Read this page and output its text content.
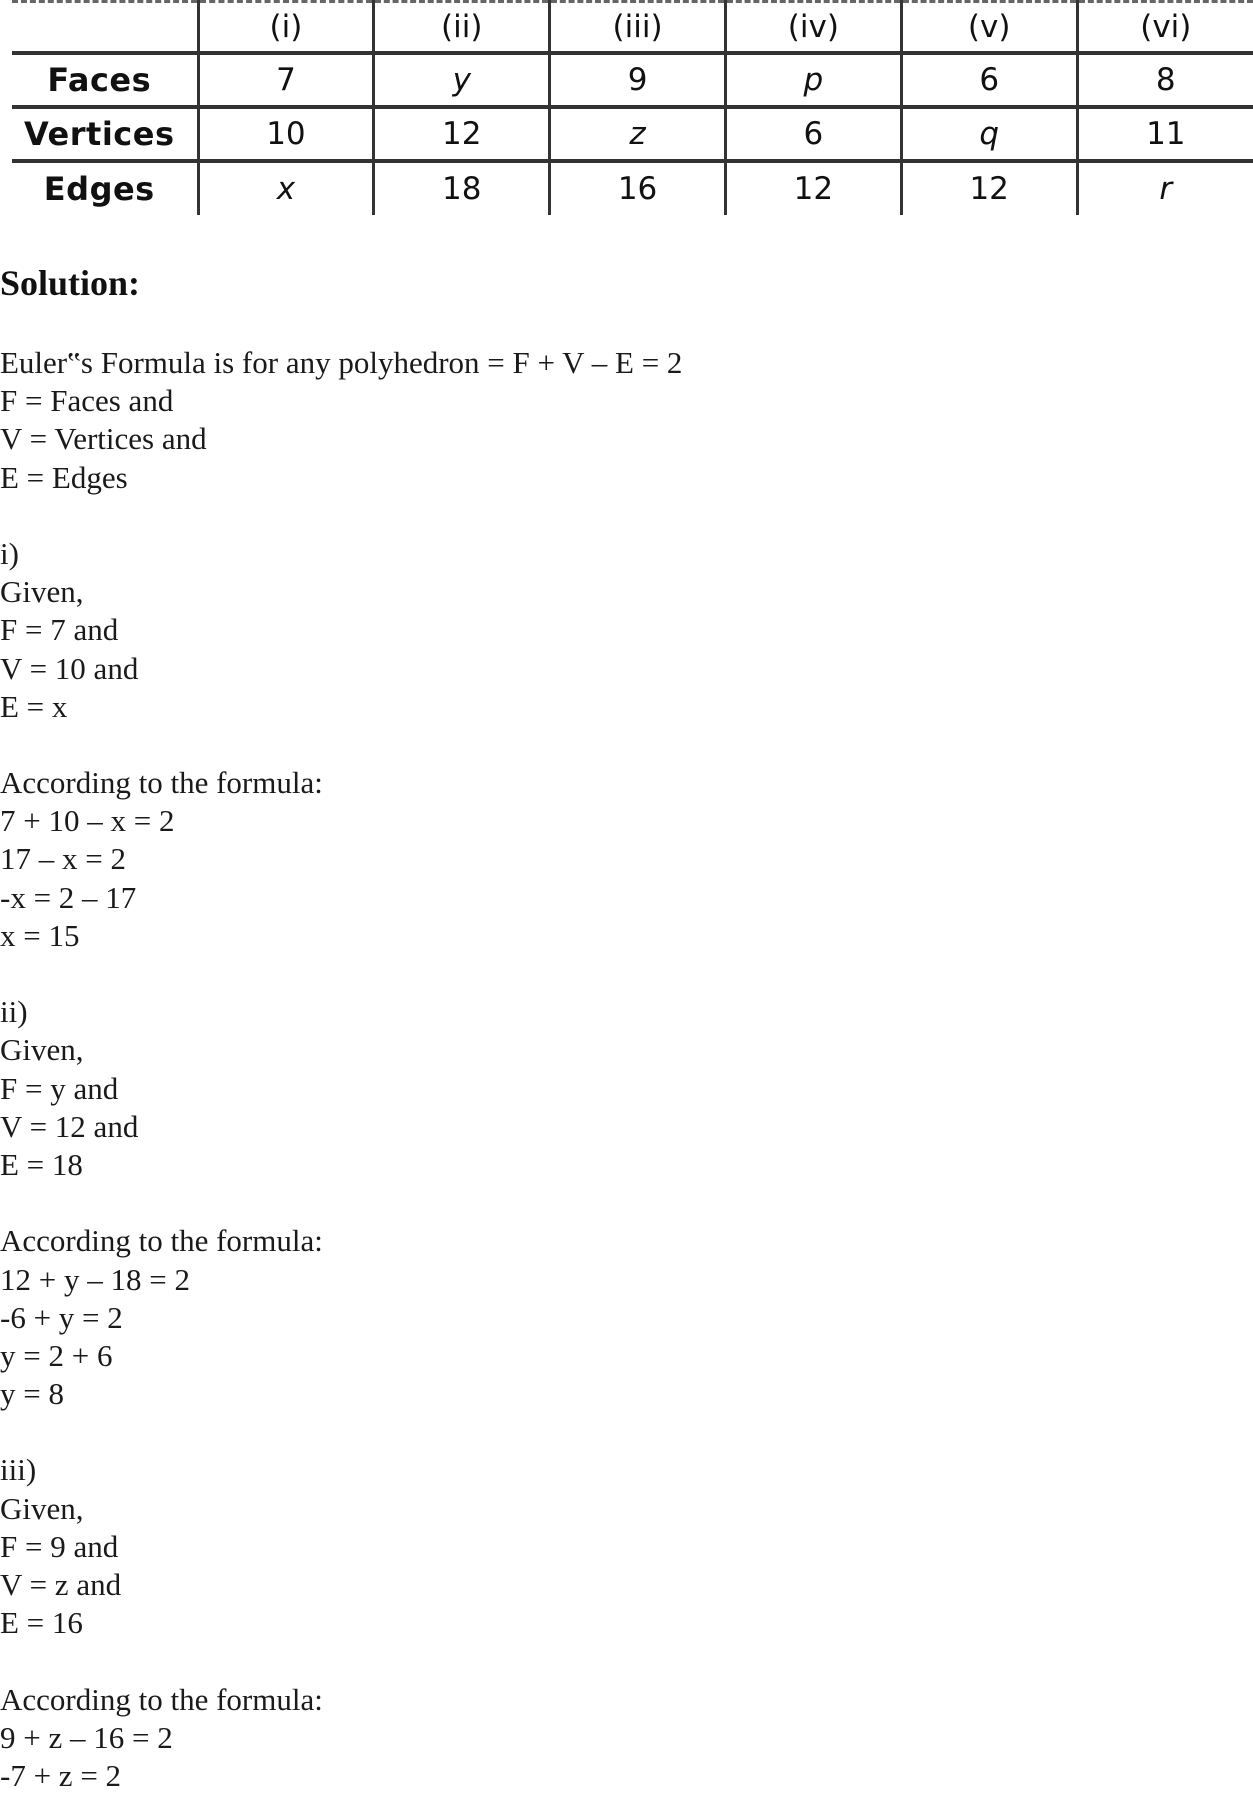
	(i)	(ii)	(iii)	(iv)	(v)	(vi)
Faces	7	y	9	p	6	8
Vertices	10	12	z	6	q	11
Edges	x	18	16	12	12	r
Solution:
Euler‟s Formula is for any polyhedron = F + V – E = 2
F = Faces and
V = Vertices and
E = Edges
i)
Given,
F = 7 and
V = 10 and
E = x
According to the formula:
7 + 10 – x = 2
17 – x = 2
-x = 2 – 17
x = 15
ii)
Given,
F = y and
V = 12 and
E = 18
According to the formula:
12 + y – 18 = 2
-6 + y = 2
y = 2 + 6
y = 8
iii)
Given,
F = 9 and
V = z and
E = 16
According to the formula:
9 + z – 16 = 2
-7 + z = 2
